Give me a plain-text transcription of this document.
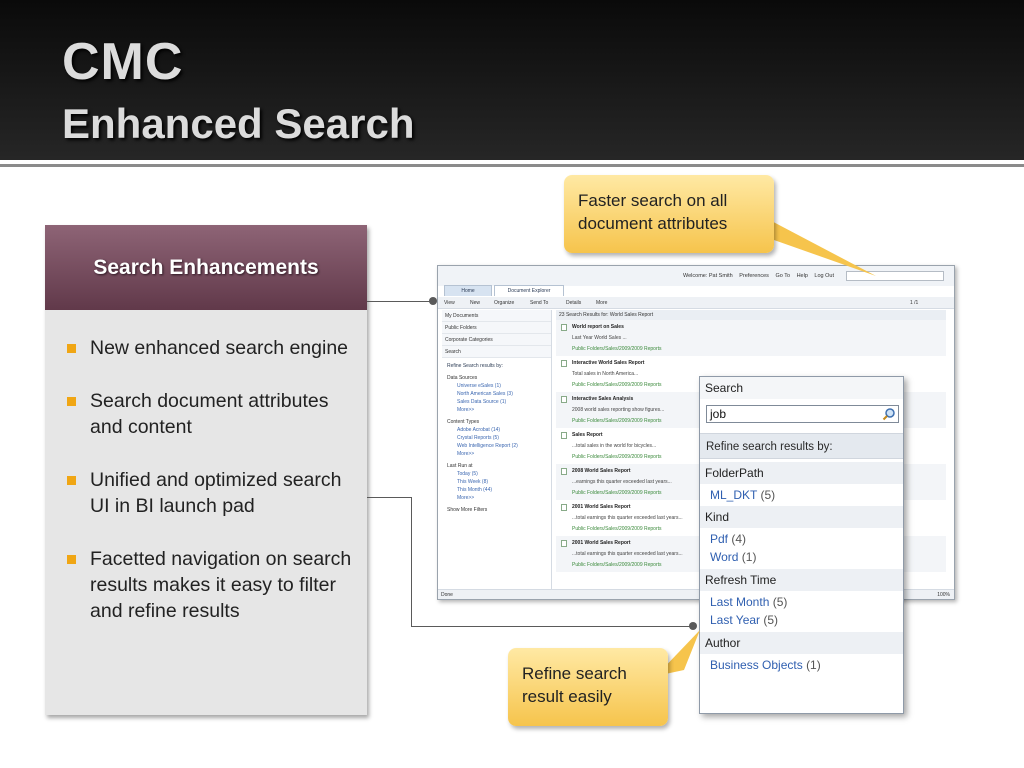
CMC
Enhanced Search
Search Enhancements
New enhanced search engine
Search document attributes and content
Unified and optimized search UI in BI launch pad
Facetted navigation on search results makes it easy to filter and refine results
Welcome: Pat Smith Preferences Go To Help Log Out
Home	Document Explorer
View	New	Organize	Send To	Details	More	1 /1
My Documents
Public Folders
Corporate Categories
Search
Refine Search results by:
Data Sources
Universe eSales (1)
North American Sales (3)
Sales Data Source (1)
More>>
Content Types
Adobe Acrobat (14)
Crystal Reports (5)
Web Intelligence Report (2)
More>>
Last Run at
Today (5)
This Week (8)
This Month (44)
More>>
Show More Filters
23 Search Results for: World Sales Report
World report on Sales
Last Year World Sales ...
Public Folders/Sales/2009/2009 Reports
Interactive World Sales Report
Total sales in North America...
Public Folders/Sales/2009/2009 Reports
Interactive Sales Analysis
2008 world sales reporting show figures...
Public Folders/Sales/2009/2009 Reports
Sales Report
...total sales in the world for bicycles...
Public Folders/Sales/2009/2009 Reports
2008 World Sales Report
...earnings this quarter exceeded last years...
Public Folders/Sales/2009/2009 Reports
2001 World Sales Report
...total earnings this quarter exceeded last years...
Public Folders/Sales/2009/2009 Reports
2001 World Sales Report
...total earnings this quarter exceeded last years...
Public Folders/Sales/2009/2009 Reports
Done	100%
Search
job
Refine search results by:
FolderPath
ML_DKT (5)
Kind
Pdf (4)
Word (1)
Refresh Time
Last Month (5)
Last Year (5)
Author
Business Objects (1)
Faster search on all document attributes
Refine search result easily
